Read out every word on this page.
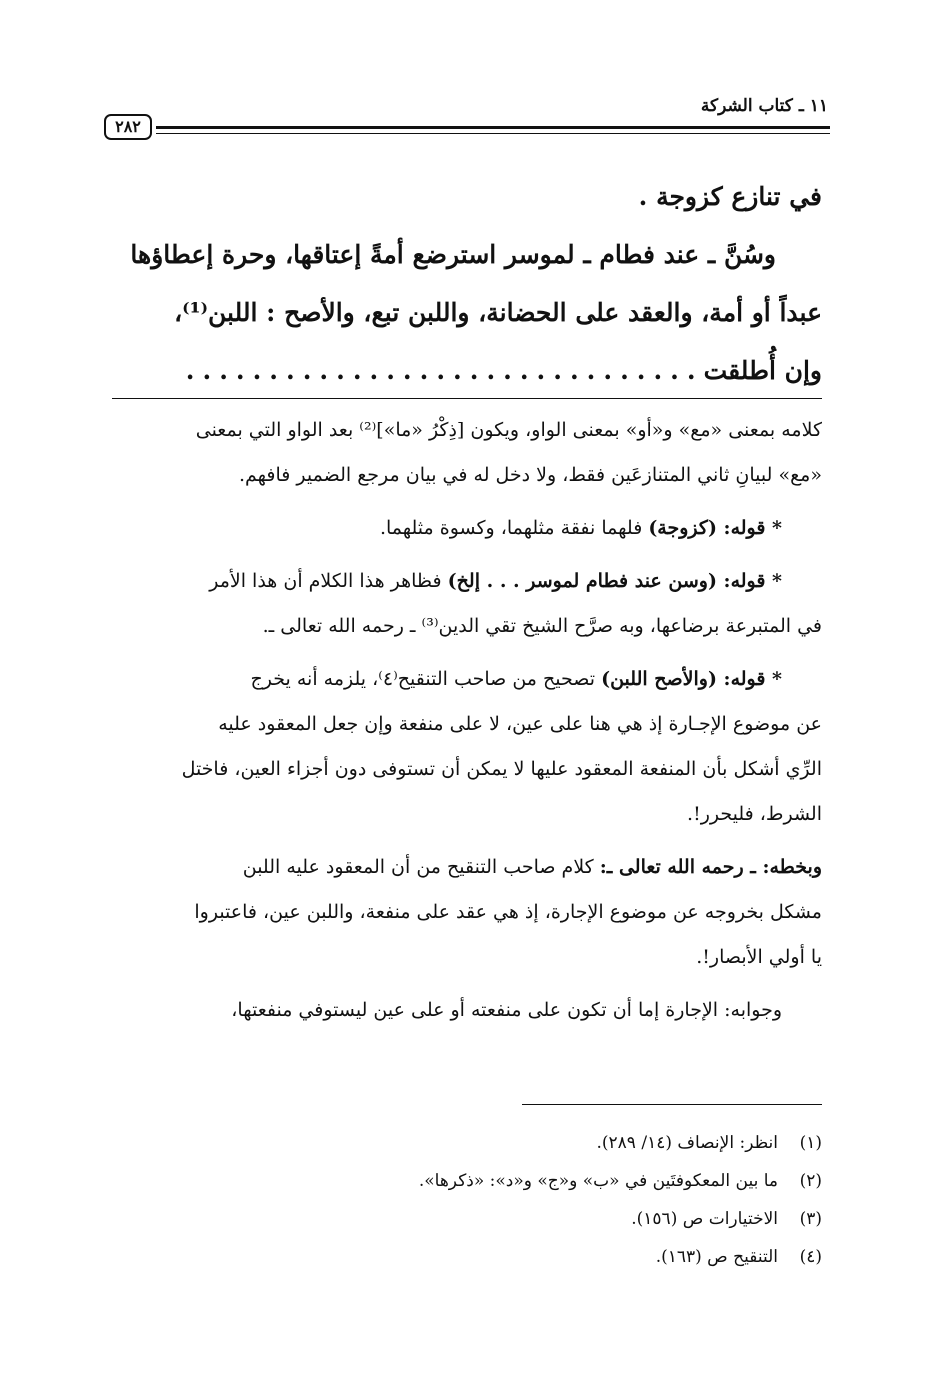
١١ ـ كتاب الشركة
٢٨٢
في تنازع كزوجة .
وسُنَّ ـ عند فطام ـ لموسر استرضع أمةً إعتاقها، وحرة إعطاؤها
عبداً أو أمة، والعقد على الحضانة، واللبن تبع، والأصح : اللبن⁽¹⁾،
وإن أُطلقت...............................
كلامه بمعنى «مع» و«أو» بمعنى الواو، ويكون [ذِكْرُ «ما»]⁽²⁾ بعد الواو التي بمعنى
«مع» لبيانِ ثاني المتنازعَين فقط، ولا دخل له في بيان مرجع الضمير فافهم.
* قوله: (كزوجة) فلهما نفقة مثلهما، وكسوة مثلهما.
* قوله: (وسن عند فطام لموسر . . . إلخ) فظاهر هذا الكلام أن هذا الأمر
في المتبرعة برضاعها، وبه صرَّح الشيخ تقي الدين⁽³⁾ ـ رحمه الله تعالى ـ.
* قوله: (والأصح اللبن) تصحيح من صاحب التنقيح⁽٤⁾، يلزمه أنه يخرج
عن موضوع الإجـارة إذ هي هنا على عين، لا على منفعة وإن جعل المعقود عليه
الرِّي أشكل بأن المنفعة المعقود عليها لا يمكن أن تستوفى دون أجزاء العين، فاختل
الشرط، فليحرر!.
وبخطه: ـ رحمه الله تعالى ـ: كلام صاحب التنقيح من أن المعقود عليه اللبن
مشكل بخروجه عن موضوع الإجارة، إذ هي عقد على منفعة، واللبن عين، فاعتبروا
يا أولي الأبصار!.
وجوابه: الإجارة إما أن تكون على منفعته أو على عين ليستوفي منفعتها،
(١)انظر: الإنصاف (١٤/ ٢٨٩).
(٢)ما بين المعكوفتَين في «ب» و«ج» و«د»: «ذكرها».
(٣)الاختيارات ص (١٥٦).
(٤)التنقيح ص (١٦٣).
